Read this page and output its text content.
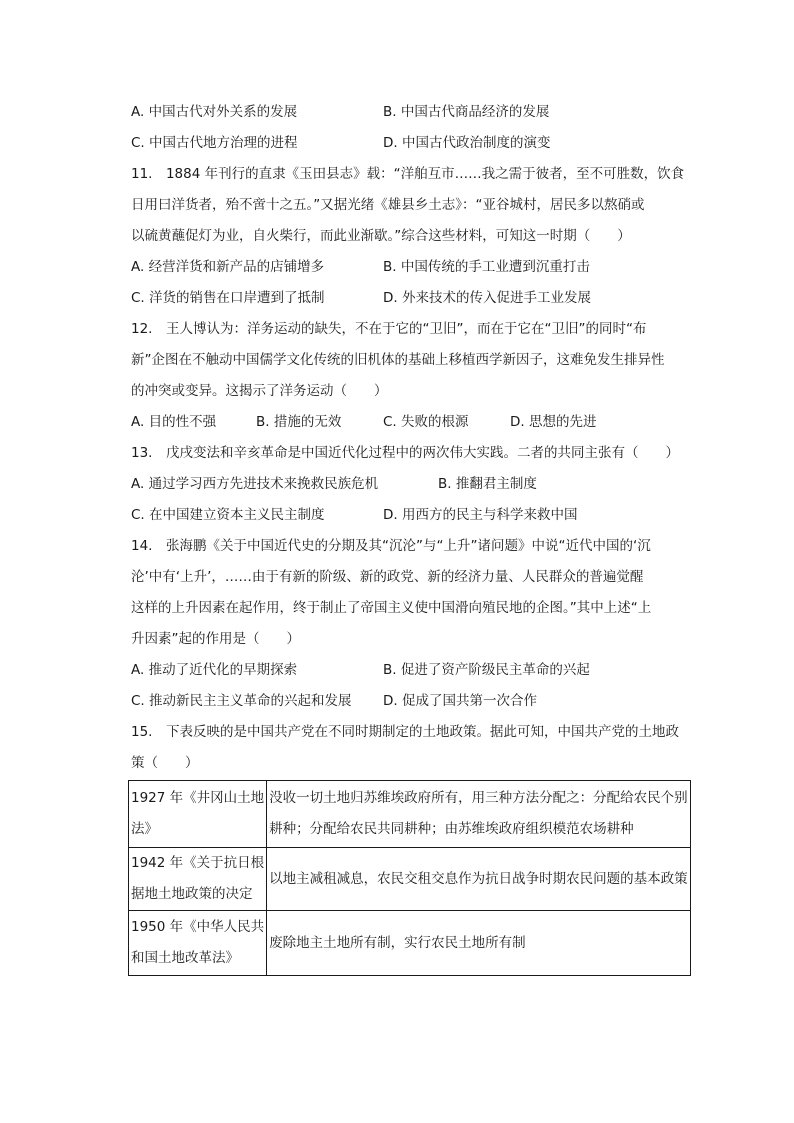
A. 中国古代对外关系的发展	B. 中国古代商品经济的发展
C. 中国古代地方治理的进程	D. 中国古代政治制度的演变
11.　1884 年刊行的直隶《玉田县志》载：“洋舶互市……我之需于彼者，至不可胜数，饮食
日用曰洋货者，殆不啻十之五。”又据光绪《雄县乡土志》：“亚谷城村，居民多以熬硝或
以硫黄蘸促灯为业，自火柴行，而此业渐歇。”综合这些材料，可知这一时期（　　）
A. 经营洋货和新产品的店铺增多	B. 中国传统的手工业遭到沉重打击
C. 洋货的销售在口岸遭到了抵制	D. 外来技术的传入促进手工业发展
12.　王人博认为：洋务运动的缺失，不在于它的“卫旧”，而在于它在“卫旧”的同时“布
新”企图在不触动中国儒学文化传统的旧机体的基础上移植西学新因子，这难免发生排异性
的冲突或变异。这揭示了洋务运动（　　）
A. 目的性不强	B. 措施的无效	C. 失败的根源	D. 思想的先进
13.　戊戌变法和辛亥革命是中国近代化过程中的两次伟大实践。二者的共同主张有（　　）
A. 通过学习西方先进技术来挽救民族危机	B. 推翻君主制度
C. 在中国建立资本主义民主制度	D. 用西方的民主与科学来救中国
14.　张海鹏《关于中国近代史的分期及其“沉沦”与“上升”诸问题》中说“近代中国的‘沉
沦’中有‘上升’，……由于有新的阶级、新的政党、新的经济力量、人民群众的普遍觉醒
这样的上升因素在起作用，终于制止了帝国主义使中国滑向殖民地的企图。”其中上述“上
升因素”起的作用是（　　）
A. 推动了近代化的早期探索	B. 促进了资产阶级民主革命的兴起
C. 推动新民主主义革命的兴起和发展 D. 促成了国共第一次合作
15.　下表反映的是中国共产党在不同时期制定的土地政策。据此可知，中国共产党的土地政
策（　　）
1927 年《井冈山土地
法》	没收一切土地归苏维埃政府所有，用三种方法分配之：分配给农民个别
耕种；分配给农民共同耕种；由苏维埃政府组织模范农场耕种

1942 年《关于抗日根
据地土地政策的决定	以地主减租减息，农民交租交息作为抗日战争时期农民问题的基本政策

1950 年《中华人民共
和国土地改革法》	废除地主土地所有制，实行农民土地所有制
